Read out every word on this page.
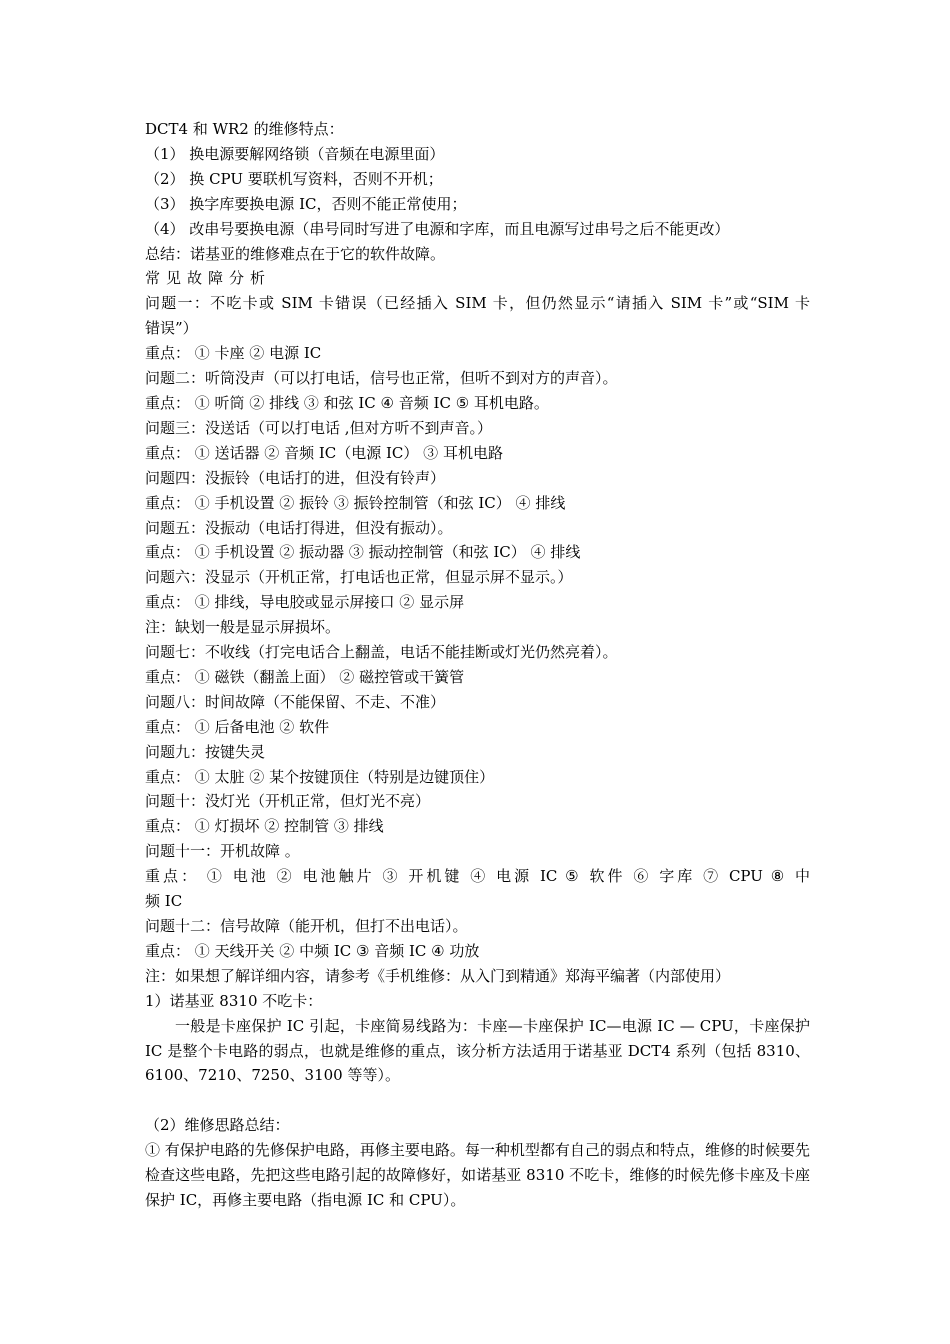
DCT4 和 WR2 的维修特点：

（1） 换电源要解网络锁（音频在电源里面）

（2） 换 CPU 要联机写资料，否则不开机；

（3） 换字库要换电源 IC，否则不能正常使用；

（4） 改串号要换电源（串号同时写进了电源和字库，而且电源写过串号之后不能更改）

总结：诺基亚的维修难点在于它的软件故障。

常见故障分析

问题一：不吃卡或 SIM 卡错误（已经插入 SIM 卡，但仍然显示“请插入 SIM 卡”或“SIM 卡

错误”）

重点： ① 卡座 ② 电源 IC

问题二：听筒没声（可以打电话，信号也正常，但听不到对方的声音）。

重点： ① 听筒 ② 排线 ③ 和弦 IC ④ 音频 IC ⑤ 耳机电路。

问题三：没送话（可以打电话 ,但对方听不到声音。）

重点： ① 送话器 ② 音频 IC（电源 IC） ③ 耳机电路

问题四：没振铃（电话打的进，但没有铃声）

重点： ① 手机设置 ② 振铃 ③ 振铃控制管（和弦 IC） ④ 排线

问题五：没振动（电话打得进，但没有振动）。

重点： ① 手机设置 ② 振动器 ③ 振动控制管（和弦 IC） ④ 排线

问题六：没显示（开机正常，打电话也正常，但显示屏不显示。）

重点： ① 排线，导电胶或显示屏接口 ② 显示屏

注：缺划一般是显示屏损坏。

问题七：不收线（打完电话合上翻盖，电话不能挂断或灯光仍然亮着）。

重点： ① 磁铁（翻盖上面） ② 磁控管或干簧管

问题八：时间故障（不能保留、不走、不准）

重点： ① 后备电池 ② 软件

问题九：按键失灵

重点： ① 太脏 ② 某个按键顶住（特别是边键顶住）

问题十：没灯光（开机正常，但灯光不亮）

重点： ① 灯损坏 ② 控制管 ③ 排线

问题十一：开机故障 。

重点： ① 电池 ② 电池触片 ③ 开机键 ④ 电源 IC ⑤ 软件 ⑥ 字库 ⑦ CPU ⑧ 中

频 IC

问题十二：信号故障（能开机，但打不出电话）。

重点： ① 天线开关 ② 中频 IC ③ 音频 IC ④ 功放

注：如果想了解详细内容，请参考《手机维修：从入门到精通》郑海平编著（内部使用）

1）诺基亚 8310 不吃卡：

一般是卡座保护 IC 引起，卡座简易线路为：卡座—卡座保护 IC—电源 IC — CPU，卡座保护 IC 是整个卡电路的弱点，也就是维修的重点，该分析方法适用于诺基亚 DCT4 系列（包括 8310、6100、7210、7250、3100 等等）。

（2）维修思路总结：

① 有保护电路的先修保护电路，再修主要电路。每一种机型都有自己的弱点和特点，维修的时候要先检查这些电路，先把这些电路引起的故障修好，如诺基亚 8310 不吃卡，维修的时候先修卡座及卡座保护 IC，再修主要电路（指电源 IC 和 CPU）。
